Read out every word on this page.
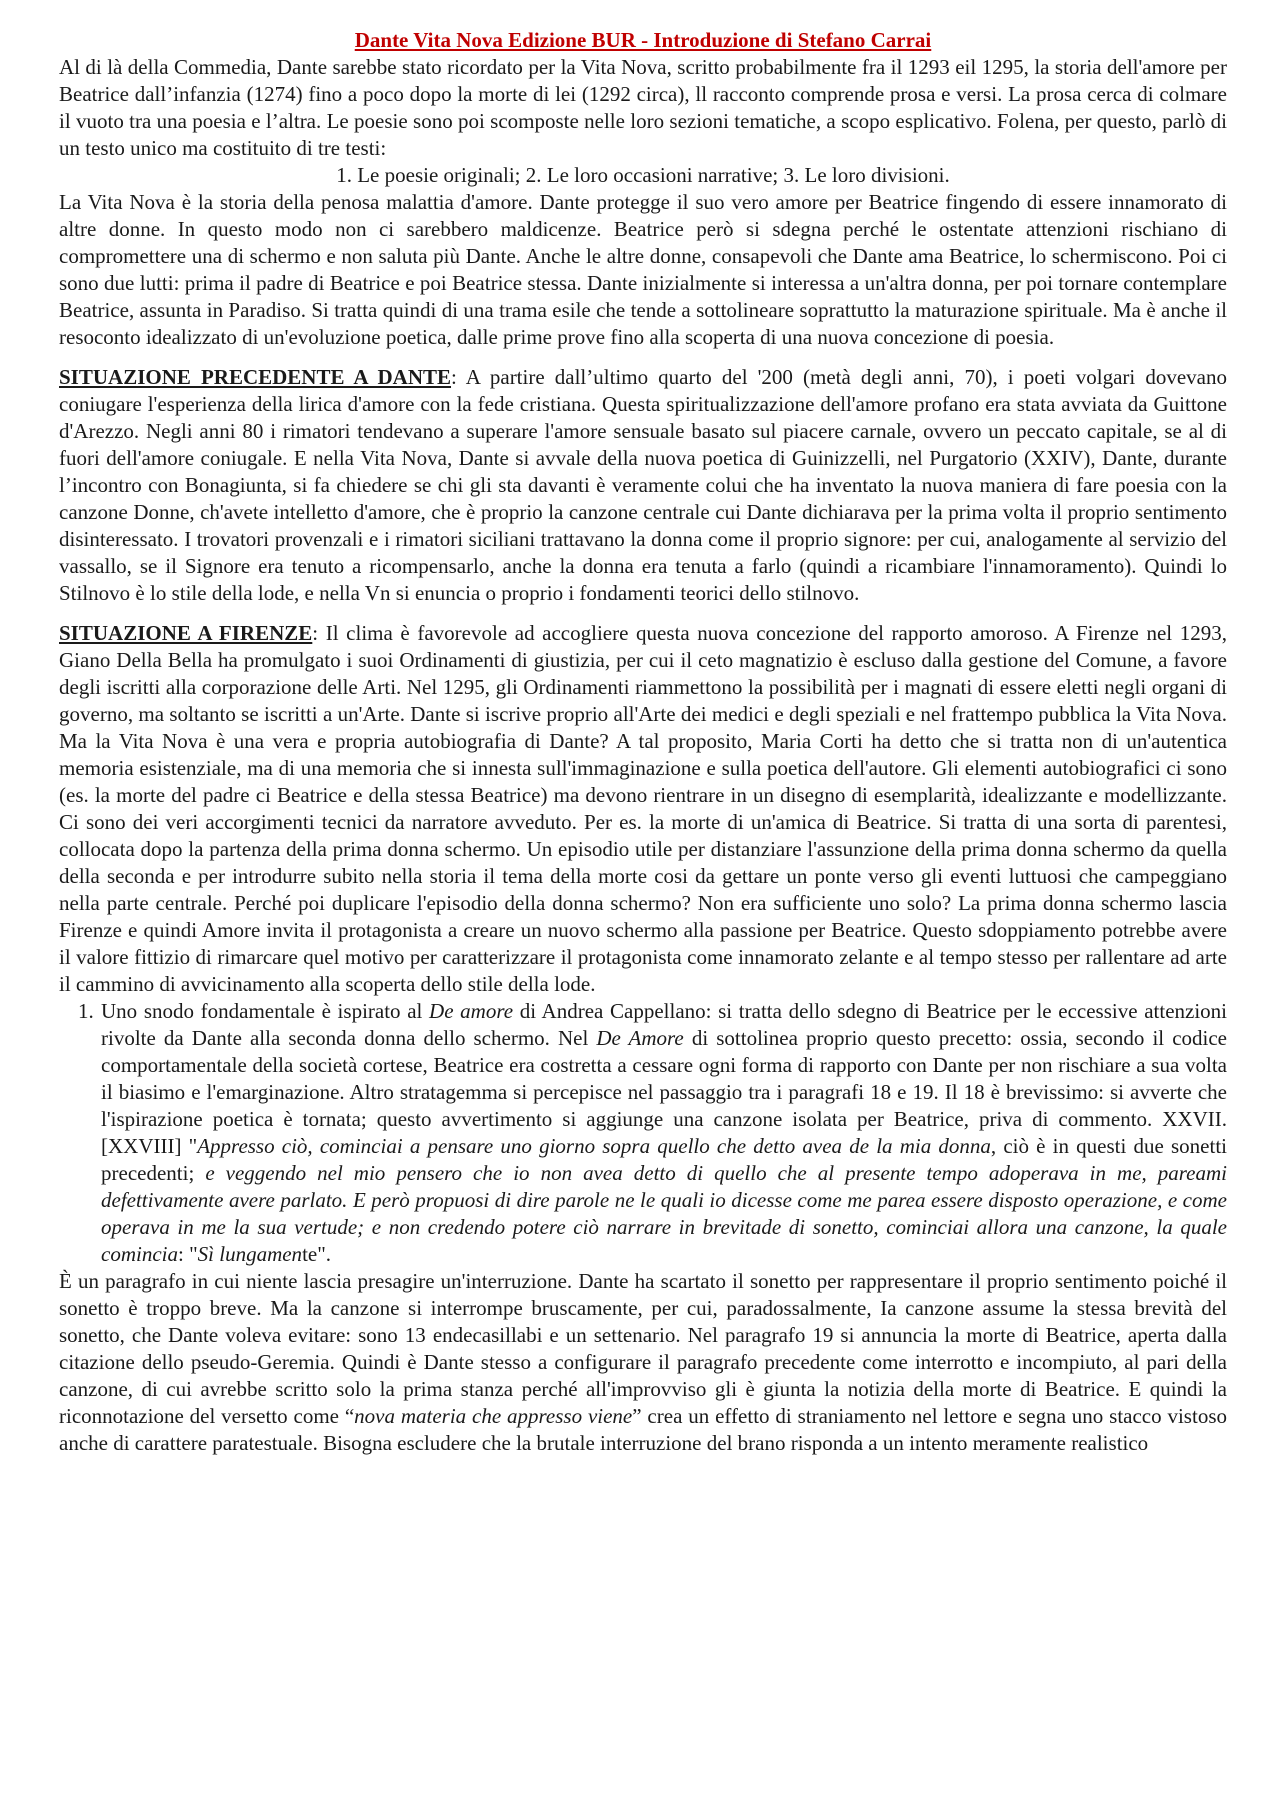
Dante Vita Nova Edizione BUR - Introduzione di Stefano Carrai

Al di là della Commedia, Dante sarebbe stato ricordato per la Vita Nova, scritto probabilmente fra il 1293 eil 1295, la storia dell'amore per Beatrice dall’infanzia (1274) fino a poco dopo la morte di lei (1292 circa), ll racconto comprende prosa e versi. La prosa cerca di colmare il vuoto tra una poesia e l’altra. Le poesie sono poi scomposte nelle loro sezioni tematiche, a scopo esplicativo. Folena, per questo, parlò di un testo unico ma costituito di tre testi:

1. Le poesie originali; 2. Le loro occasioni narrative; 3. Le loro divisioni.

La Vita Nova è la storia della penosa malattia d'amore. Dante protegge il suo vero amore per Beatrice fingendo di essere innamorato di altre donne. In questo modo non ci sarebbero maldicenze. Beatrice però si sdegna perché le ostentate attenzioni rischiano di compromettere una di schermo e non saluta più Dante. Anche le altre donne, consapevoli che Dante ama Beatrice, lo schermiscono. Poi ci sono due lutti: prima il padre di Beatrice e poi Beatrice stessa. Dante inizialmente si interessa a un'altra donna, per poi tornare contemplare Beatrice, assunta in Paradiso. Si tratta quindi di una trama esile che tende a sottolineare soprattutto la maturazione spirituale. Ma è anche il resoconto idealizzato di un'evoluzione poetica, dalle prime prove fino alla scoperta di una nuova concezione di poesia.

SITUAZIONE PRECEDENTE A DANTE: A partire dall’ultimo quarto del '200 (metà degli anni, 70), i poeti volgari dovevano coniugare l'esperienza della lirica d'amore con la fede cristiana. Questa spiritualizzazione dell'amore profano era stata avviata da Guittone d'Arezzo. Negli anni 80 i rimatori tendevano a superare l'amore sensuale basato sul piacere carnale, ovvero un peccato capitale, se al di fuori dell'amore coniugale. E nella Vita Nova, Dante si avvale della nuova poetica di Guinizzelli, nel Purgatorio (XXIV), Dante, durante l’incontro con Bonagiunta, si fa chiedere se chi gli sta davanti è veramente colui che ha inventato la nuova maniera di fare poesia con la canzone Donne, ch'avete intelletto d'amore, che è proprio la canzone centrale cui Dante dichiarava per la prima volta il proprio sentimento disinteressato. I trovatori provenzali e i rimatori siciliani trattavano la donna come il proprio signore: per cui, analogamente al servizio del vassallo, se il Signore era tenuto a ricompensarlo, anche la donna era tenuta a farlo (quindi a ricambiare l'innamoramento). Quindi lo Stilnovo è lo stile della lode, e nella Vn si enuncia o proprio i fondamenti teorici dello stilnovo.

SITUAZIONE A FIRENZE: Il clima è favorevole ad accogliere questa nuova concezione del rapporto amoroso. A Firenze nel 1293, Giano Della Bella ha promulgato i suoi Ordinamenti di giustizia, per cui il ceto magnatizio è escluso dalla gestione del Comune, a favore degli iscritti alla corporazione delle Arti. Nel 1295, gli Ordinamenti riammettono la possibilità per i magnati di essere eletti negli organi di governo, ma soltanto se iscritti a un'Arte. Dante si iscrive proprio all'Arte dei medici e degli speziali e nel frattempo pubblica la Vita Nova. Ma la Vita Nova è una vera e propria autobiografia di Dante? A tal proposito, Maria Corti ha detto che si tratta non di un'autentica memoria esistenziale, ma di una memoria che si innesta sull'immaginazione e sulla poetica dell'autore. Gli elementi autobiografici ci sono (es. la morte del padre ci Beatrice e della stessa Beatrice) ma devono rientrare in un disegno di esemplarità, idealizzante e modellizzante. Ci sono dei veri accorgimenti tecnici da narratore avveduto. Per es. la morte di un'amica di Beatrice. Si tratta di una sorta di parentesi, collocata dopo la partenza della prima donna schermo. Un episodio utile per distanziare l'assunzione della prima donna schermo da quella della seconda e per introdurre subito nella storia il tema della morte cosi da gettare un ponte verso gli eventi luttuosi che campeggiano nella parte centrale. Perché poi duplicare l'episodio della donna schermo? Non era sufficiente uno solo? La prima donna schermo lascia Firenze e quindi Amore invita il protagonista a creare un nuovo schermo alla passione per Beatrice. Questo sdoppiamento potrebbe avere il valore fittizio di rimarcare quel motivo per caratterizzare il protagonista come innamorato zelante e al tempo stesso per rallentare ad arte il cammino di avvicinamento alla scoperta dello stile della lode.

1. Uno snodo fondamentale è ispirato al De amore di Andrea Cappellano: si tratta dello sdegno di Beatrice per le eccessive attenzioni rivolte da Dante alla seconda donna dello schermo. Nel De Amore di sottolinea proprio questo precetto: ossia, secondo il codice comportamentale della società cortese, Beatrice era costretta a cessare ogni forma di rapporto con Dante per non rischiare a sua volta il biasimo e l'emarginazione. Altro stratagemma si percepisce nel passaggio tra i paragrafi 18 e 19. Il 18 è brevissimo: si avverte che l'ispirazione poetica è tornata; questo avvertimento si aggiunge una canzone isolata per Beatrice, priva di commento. XXVII. [XXVIII] "Appresso ciò, cominciai a pensare uno giorno sopra quello che detto avea de la mia donna, ciò è in questi due sonetti precedenti; e veggendo nel mio pensero che io non avea detto di quello che al presente tempo adoperava in me, pareami defettivamente avere parlato. E però propuosi di dire parole ne le quali io dicesse come me parea essere disposto operazione, e come operava in me la sua vertude; e non credendo potere ciò narrare in brevitade di sonetto, cominciai allora una canzone, la quale comincia: "Sì lungamente".

È un paragrafo in cui niente lascia presagire un'interruzione. Dante ha scartato il sonetto per rappresentare il proprio sentimento poiché il sonetto è troppo breve. Ma la canzone si interrompe bruscamente, per cui, paradossalmente, Ia canzone assume la stessa brevità del sonetto, che Dante voleva evitare: sono 13 endecasillabi e un settenario. Nel paragrafo 19 si annuncia la morte di Beatrice, aperta dalla citazione dello pseudo-Geremia. Quindi è Dante stesso a configurare il paragrafo precedente come interrotto e incompiuto, al pari della canzone, di cui avrebbe scritto solo la prima stanza perché all'improvviso gli è giunta la notizia della morte di Beatrice. E quindi la riconnotazione del versetto come “nova materia che appresso viene” crea un effetto di straniamento nel lettore e segna uno stacco vistoso anche di carattere paratestuale. Bisogna escludere che la brutale interruzione del brano risponda a un intento meramente realistico
